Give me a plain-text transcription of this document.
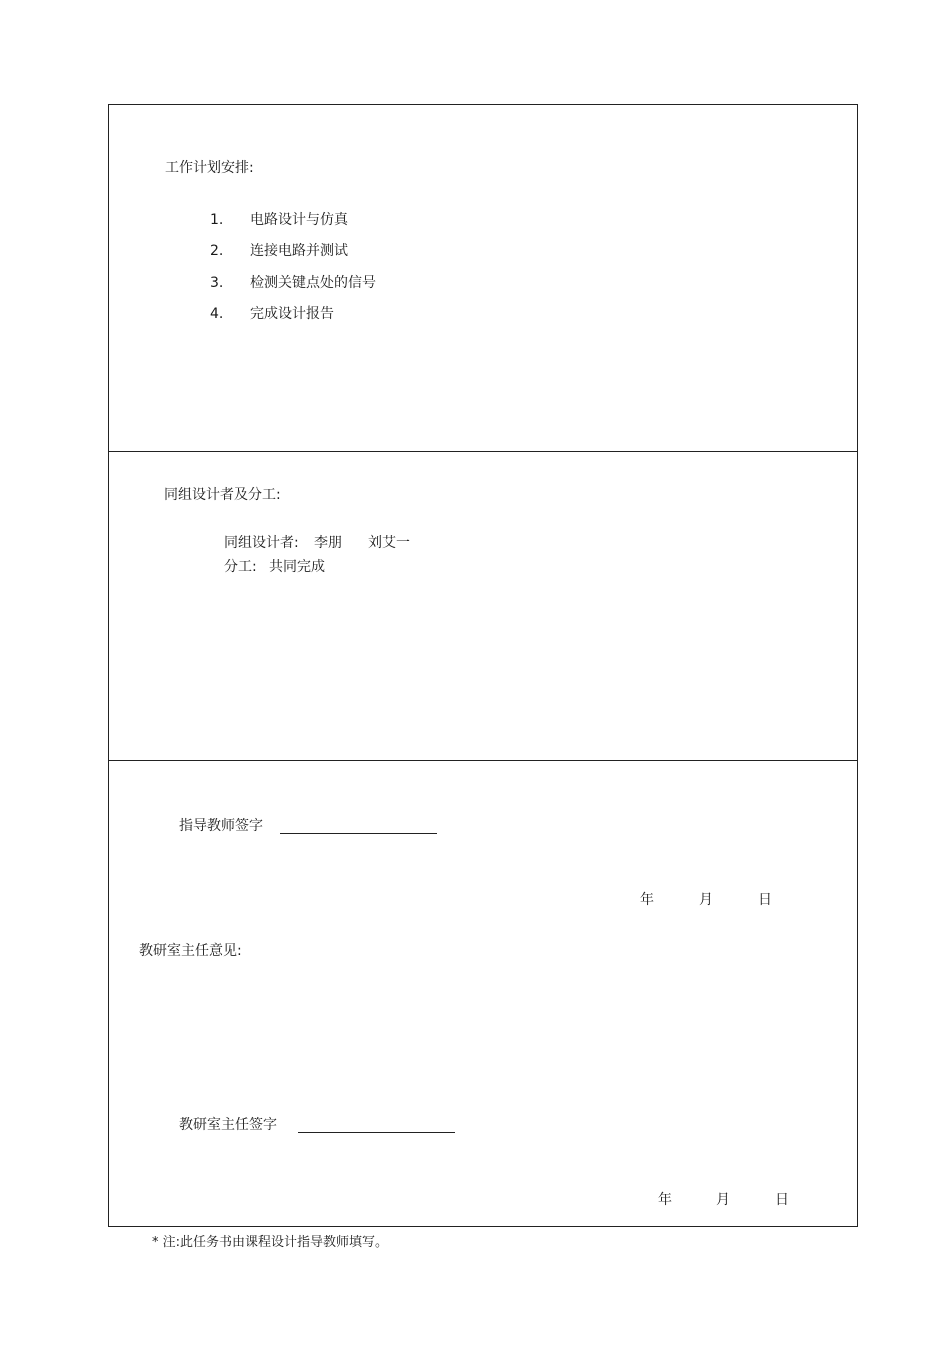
工作计划安排:
1.	电路设计与仿真
2.	连接电路并测试
3.	检测关键点处的信号
4.	完成设计报告
同组设计者及分工:
同组设计者: 李朋 刘艾一
分工: 共同完成
指导教师签字
年	月	日
教研室主任意见:
教研室主任签字
年	月	日
* 注:此任务书由课程设计指导教师填写。
